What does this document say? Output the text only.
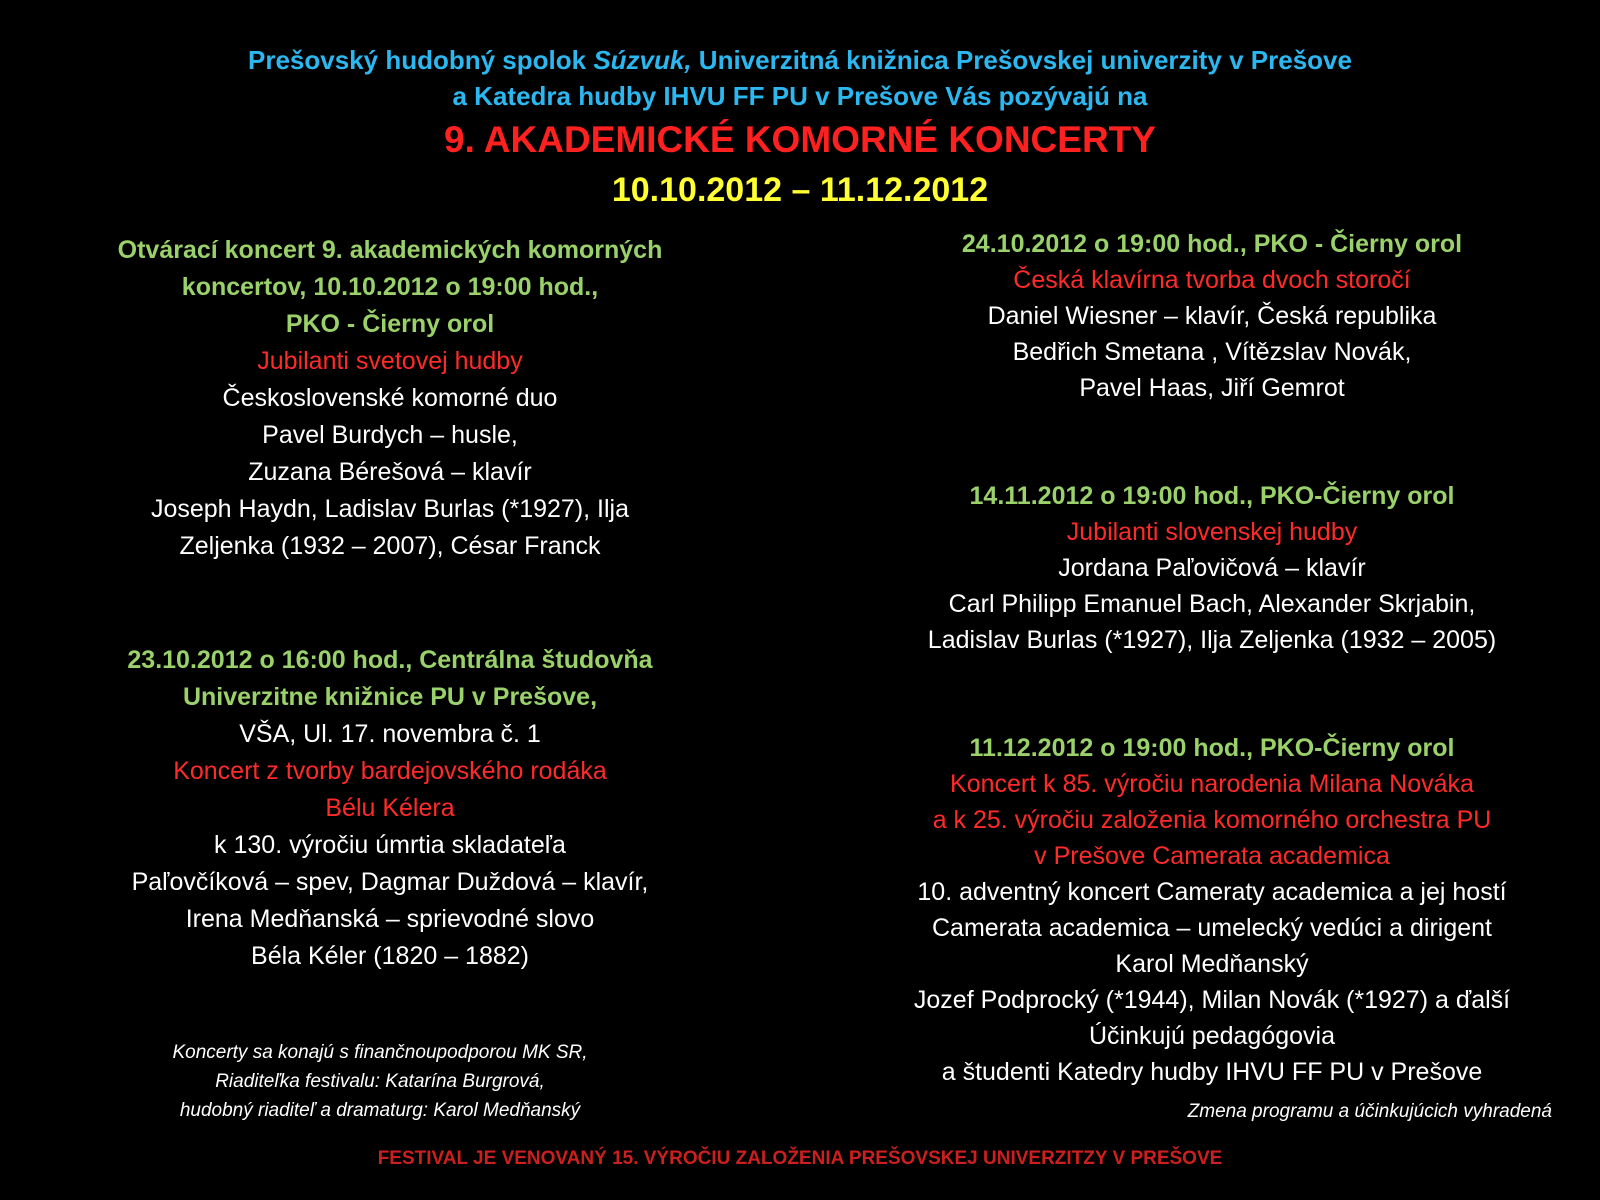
Prešovský hudobný spolok Súzvuk, Univerzitná knižnica Prešovskej univerzity v Prešove
a Katedra hudby IHVU FF PU v Prešove Vás pozývajú na
9. AKADEMICKÉ KOMORNÉ KONCERTY
10.10.2012 – 11.12.2012
Otvárací koncert 9. akademických komorných
koncertov, 10.10.2012 o 19:00 hod.,
PKO - Čierny orol
Jubilanti svetovej hudby
Československé komorné duo
Pavel Burdych – husle,
Zuzana Bérešová – klavír
Joseph Haydn, Ladislav Burlas (*1927), Ilja
Zeljenka (1932 – 2007), César Franck
23.10.2012 o 16:00 hod., Centrálna študovňa
Univerzitne knižnice PU v Prešove,
VŠA, Ul. 17. novembra č. 1
Koncert z tvorby bardejovského rodáka
Bélu Kélera
k 130. výročiu úmrtia skladateľa
Paľovčíková – spev, Dagmar Duždová – klavír,
Irena Medňanská – sprievodné slovo
Béla Kéler (1820 – 1882)
24.10.2012 o 19:00 hod., PKO - Čierny orol
Česká klavírna tvorba dvoch storočí
Daniel Wiesner – klavír, Česká republika
Bedřich Smetana , Vítězslav Novák,
Pavel Haas, Jiří Gemrot
14.11.2012 o 19:00 hod., PKO-Čierny orol
Jubilanti slovenskej hudby
Jordana Paľovičová – klavír
Carl Philipp Emanuel Bach, Alexander Skrjabin,
Ladislav Burlas (*1927), Ilja Zeljenka (1932 – 2005)
11.12.2012 o 19:00 hod., PKO-Čierny orol
Koncert k 85. výročiu narodenia Milana Nováka
a k 25. výročiu založenia komorného orchestra PU
v Prešove Camerata academica
10. adventný koncert Cameraty academica a jej hostí
Camerata academica – umelecký vedúci a dirigent
Karol Medňanský
Jozef Podprocký (*1944), Milan Novák (*1927) a ďalší
Účinkujú pedagógovia
a študenti Katedry hudby IHVU FF PU v Prešove
Koncerty sa konajú s finančnoupodporou MK SR,
Riaditeľka festivalu: Katarína Burgrová,
hudobný riaditeľ a dramaturg: Karol Medňanský	Zmena programu a účinkujúcich vyhradená
FESTIVAL JE VENOVANÝ 15. VÝROČIU ZALOŽENIA PREŠOVSKEJ UNIVERZITZY V PREŠOVE
